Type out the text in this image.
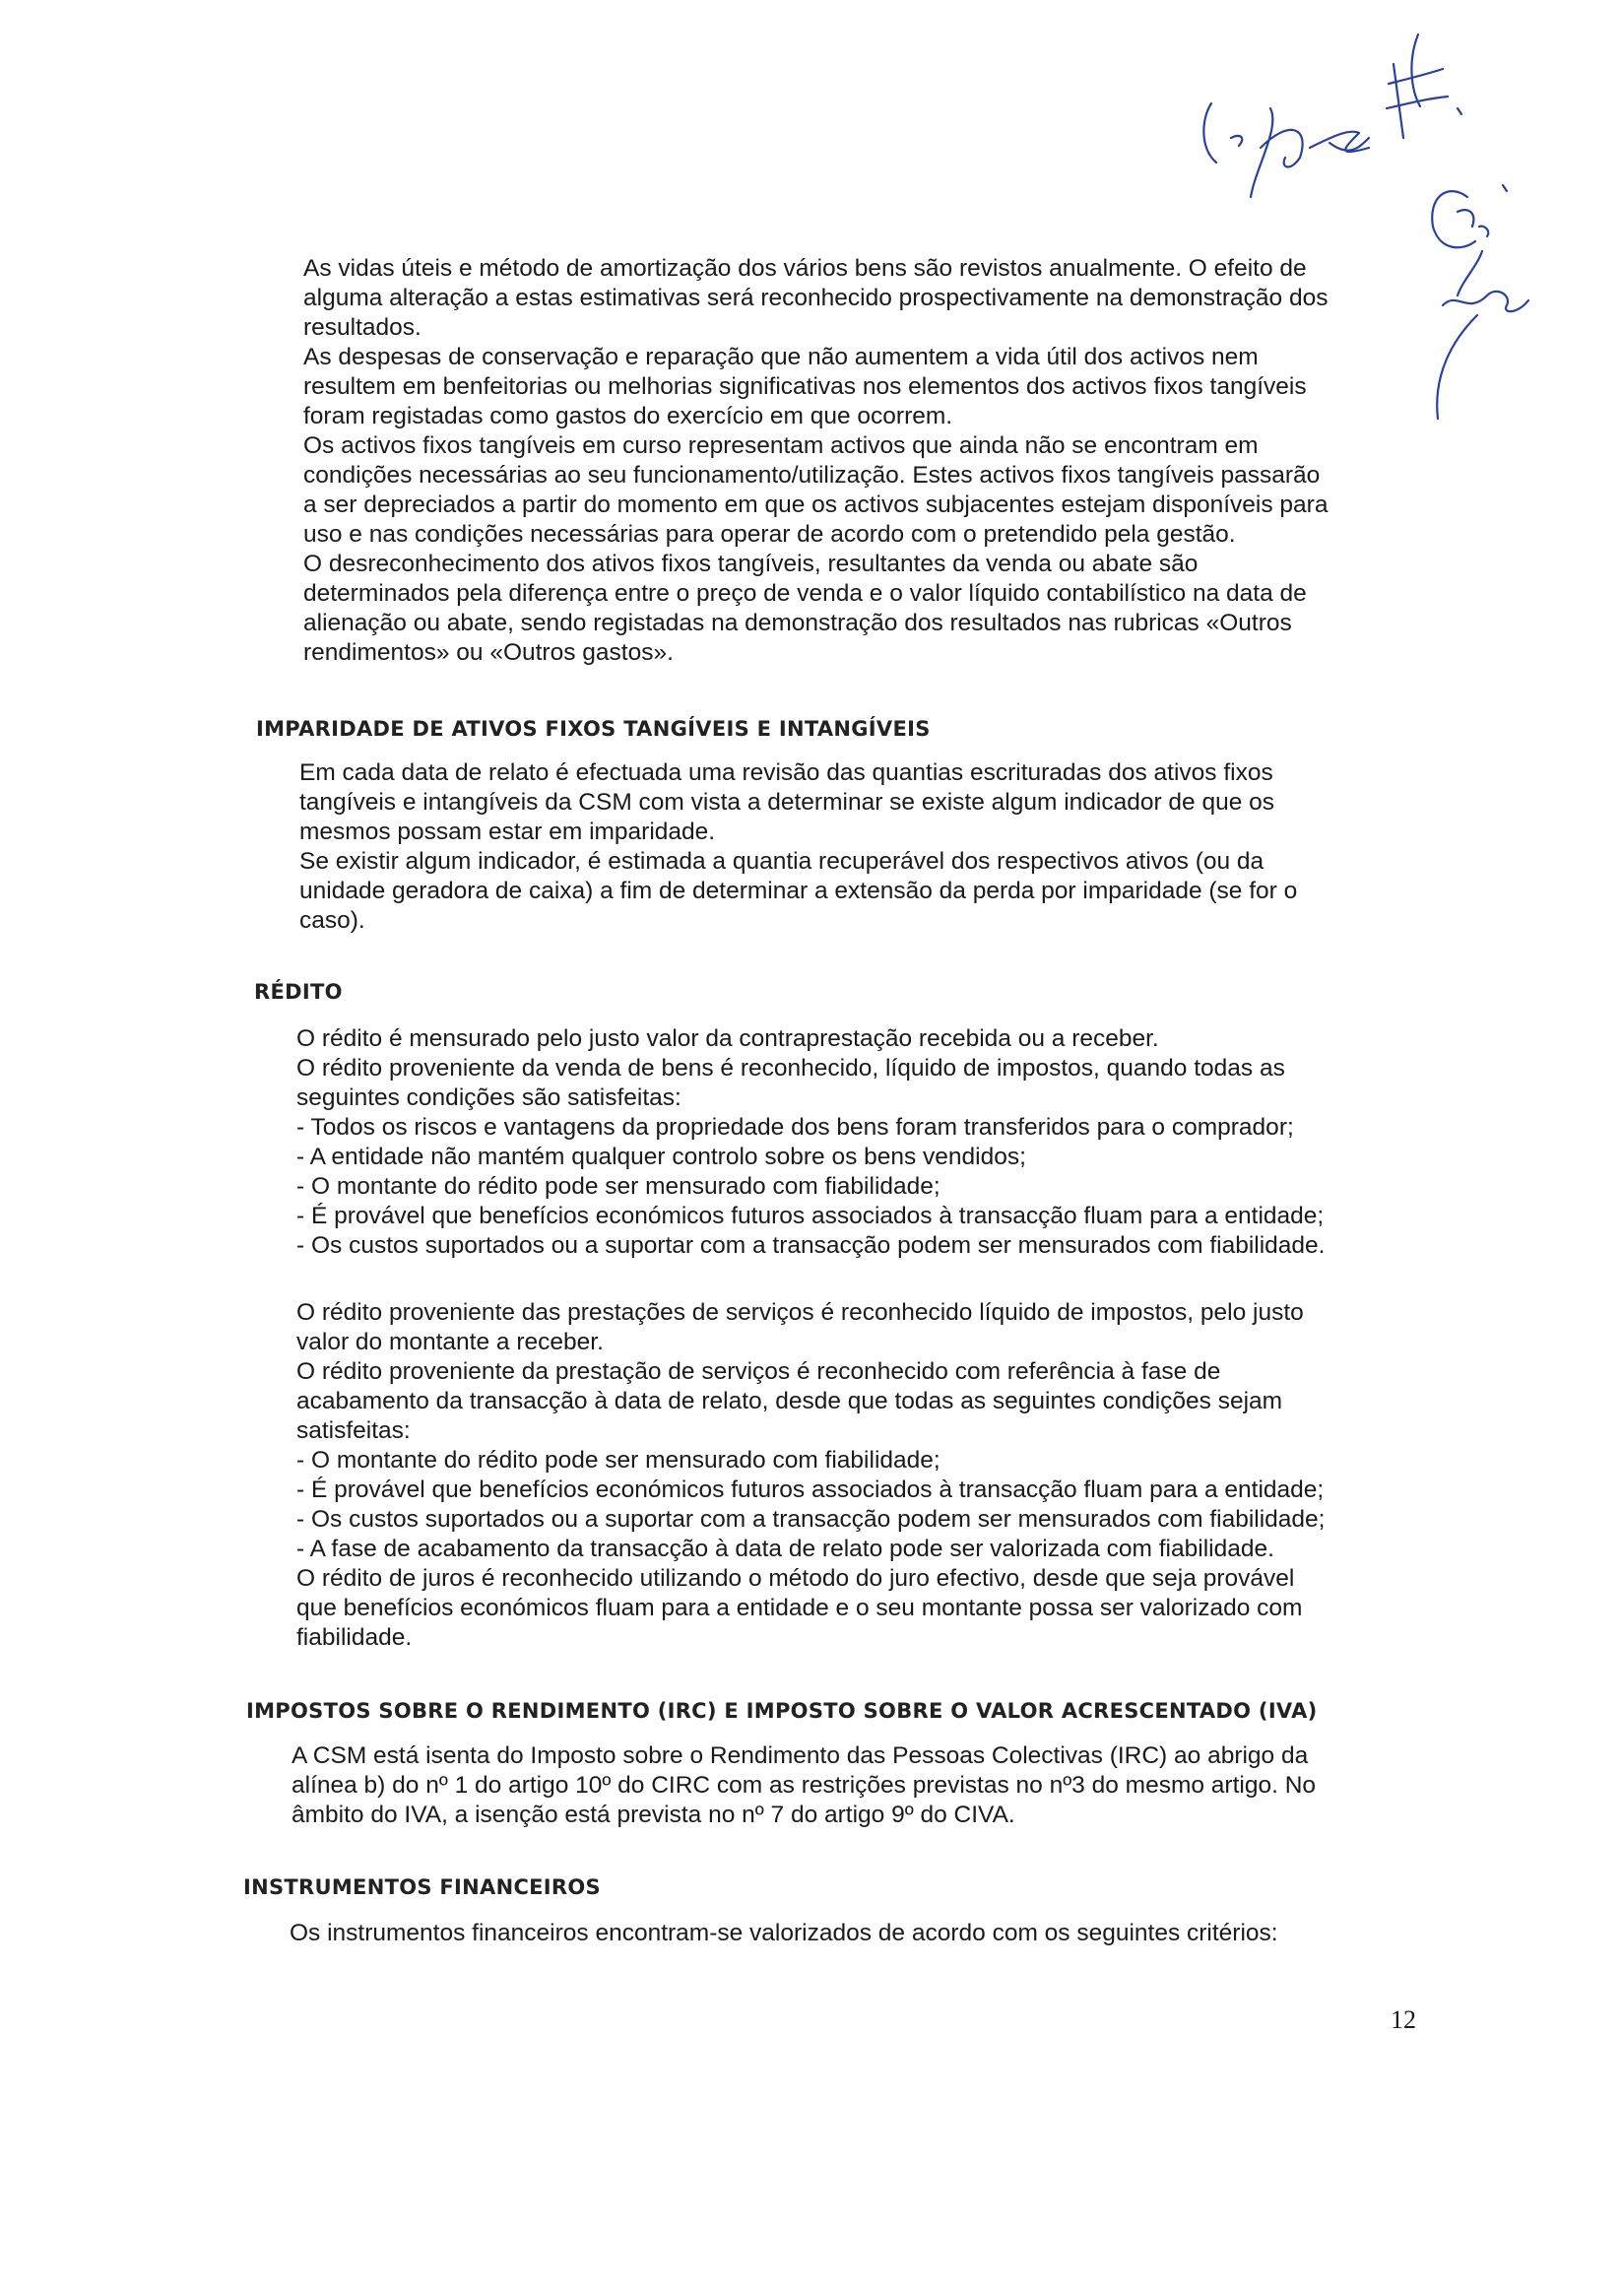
As vidas úteis e método de amortização dos vários bens são revistos anualmente. O efeito de
alguma alteração a estas estimativas será reconhecido prospectivamente na demonstração dos
resultados.

As despesas de conservação e reparação que não aumentem a vida útil dos activos nem
resultem em benfeitorias ou melhorias significativas nos elementos dos activos fixos tangíveis
foram registadas como gastos do exercício em que ocorrem.

Os activos fixos tangíveis em curso representam activos que ainda não se encontram em
condições necessárias ao seu funcionamento/utilização. Estes activos fixos tangíveis passarão
a ser depreciados a partir do momento em que os activos subjacentes estejam disponíveis para
uso e nas condições necessárias para operar de acordo com o pretendido pela gestão.

O desreconhecimento dos ativos fixos tangíveis, resultantes da venda ou abate são
determinados pela diferença entre o preço de venda e o valor líquido contabilístico na data de
alienação ou abate, sendo registadas na demonstração dos resultados nas rubricas «Outros
rendimentos» ou «Outros gastos».

IMPARIDADE DE ATIVOS FIXOS TANGÍVEIS E INTANGÍVEIS

Em cada data de relato é efectuada uma revisão das quantias escrituradas dos ativos fixos
tangíveis e intangíveis da CSM com vista a determinar se existe algum indicador de que os
mesmos possam estar em imparidade.

Se existir algum indicador, é estimada a quantia recuperável dos respectivos ativos (ou da
unidade geradora de caixa) a fim de determinar a extensão da perda por imparidade (se for o
caso).

RÉDITO

O rédito é mensurado pelo justo valor da contraprestação recebida ou a receber.
O rédito proveniente da venda de bens é reconhecido, líquido de impostos, quando todas as
seguintes condições são satisfeitas:
- Todos os riscos e vantagens da propriedade dos bens foram transferidos para o comprador;
- A entidade não mantém qualquer controlo sobre os bens vendidos;
- O montante do rédito pode ser mensurado com fiabilidade;
- É provável que benefícios económicos futuros associados à transacção fluam para a entidade;
- Os custos suportados ou a suportar com a transacção podem ser mensurados com fiabilidade.

O rédito proveniente das prestações de serviços é reconhecido líquido de impostos, pelo justo
valor do montante a receber.
O rédito proveniente da prestação de serviços é reconhecido com referência à fase de
acabamento da transacção à data de relato, desde que todas as seguintes condições sejam
satisfeitas:
- O montante do rédito pode ser mensurado com fiabilidade;
- É provável que benefícios económicos futuros associados à transacção fluam para a entidade;
- Os custos suportados ou a suportar com a transacção podem ser mensurados com fiabilidade;
- A fase de acabamento da transacção à data de relato pode ser valorizada com fiabilidade.
O rédito de juros é reconhecido utilizando o método do juro efectivo, desde que seja provável
que benefícios económicos fluam para a entidade e o seu montante possa ser valorizado com
fiabilidade.

IMPOSTOS SOBRE O RENDIMENTO (IRC) E IMPOSTO SOBRE O VALOR ACRESCENTADO (IVA)

A CSM está isenta do Imposto sobre o Rendimento das Pessoas Colectivas (IRC) ao abrigo da
alínea b) do nº 1 do artigo 10º do CIRC com as restrições previstas no nº3 do mesmo artigo. No
âmbito do IVA, a isenção está prevista no nº 7 do artigo 9º do CIVA.

INSTRUMENTOS FINANCEIROS

Os instrumentos financeiros encontram-se valorizados de acordo com os seguintes critérios:

12
